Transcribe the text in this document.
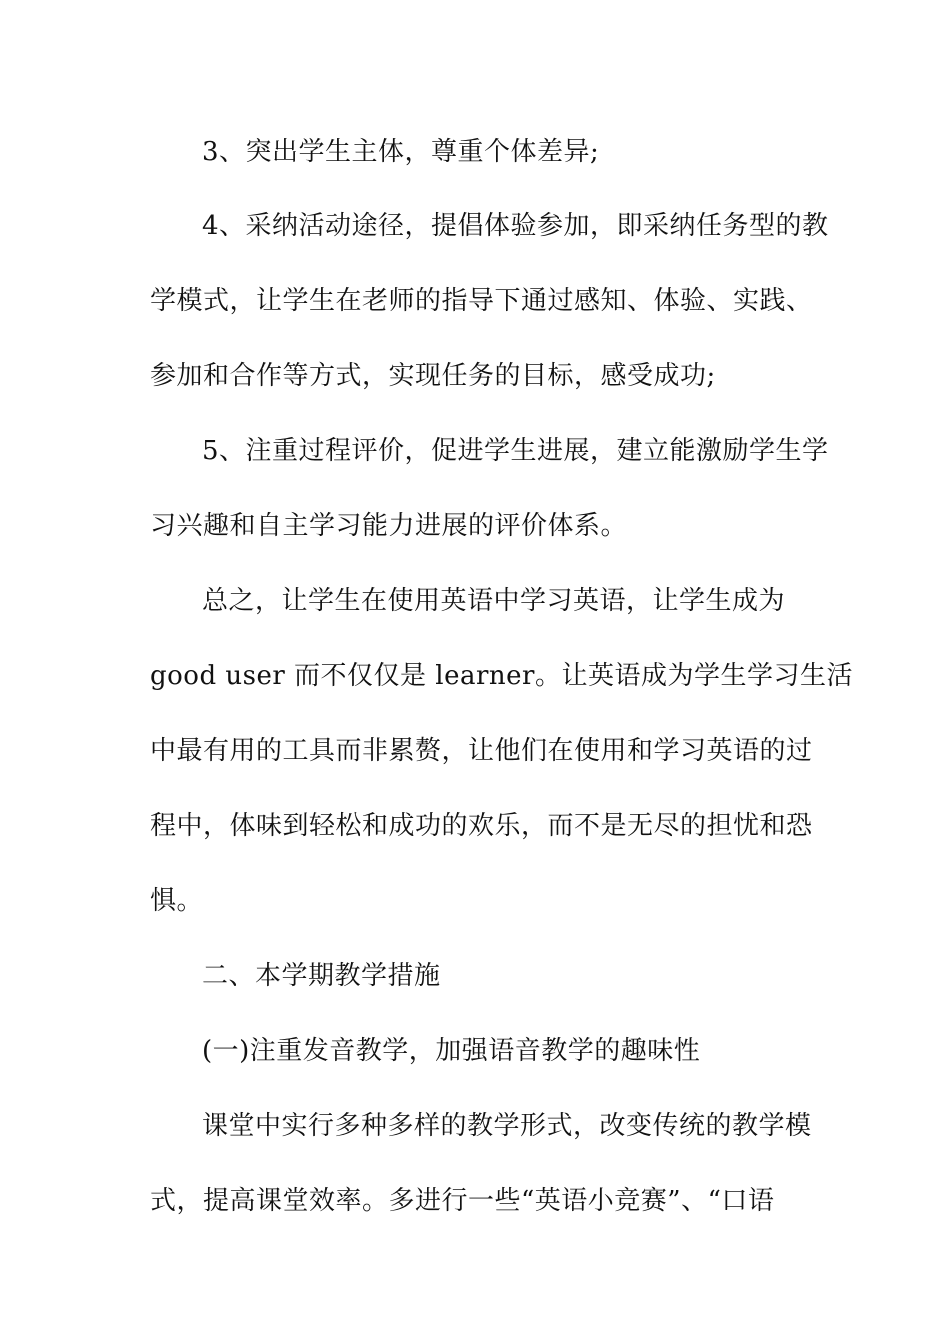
3、突出学生主体，尊重个体差异;
4、采纳活动途径，提倡体验参加，即采纳任务型的教
学模式，让学生在老师的指导下通过感知、体验、实践、
参加和合作等方式，实现任务的目标，感受成功;
5、注重过程评价，促进学生进展，建立能激励学生学
习兴趣和自主学习能力进展的评价体系。
总之，让学生在使用英语中学习英语，让学生成为
good user 而不仅仅是 learner。让英语成为学生学习生活
中最有用的工具而非累赘，让他们在使用和学习英语的过
程中，体味到轻松和成功的欢乐，而不是无尽的担忧和恐
惧。
二、本学期教学措施
(一)注重发音教学，加强语音教学的趣味性
课堂中实行多种多样的教学形式，改变传统的教学模
式，提高课堂效率。多进行一些“英语小竞赛”、“口语
